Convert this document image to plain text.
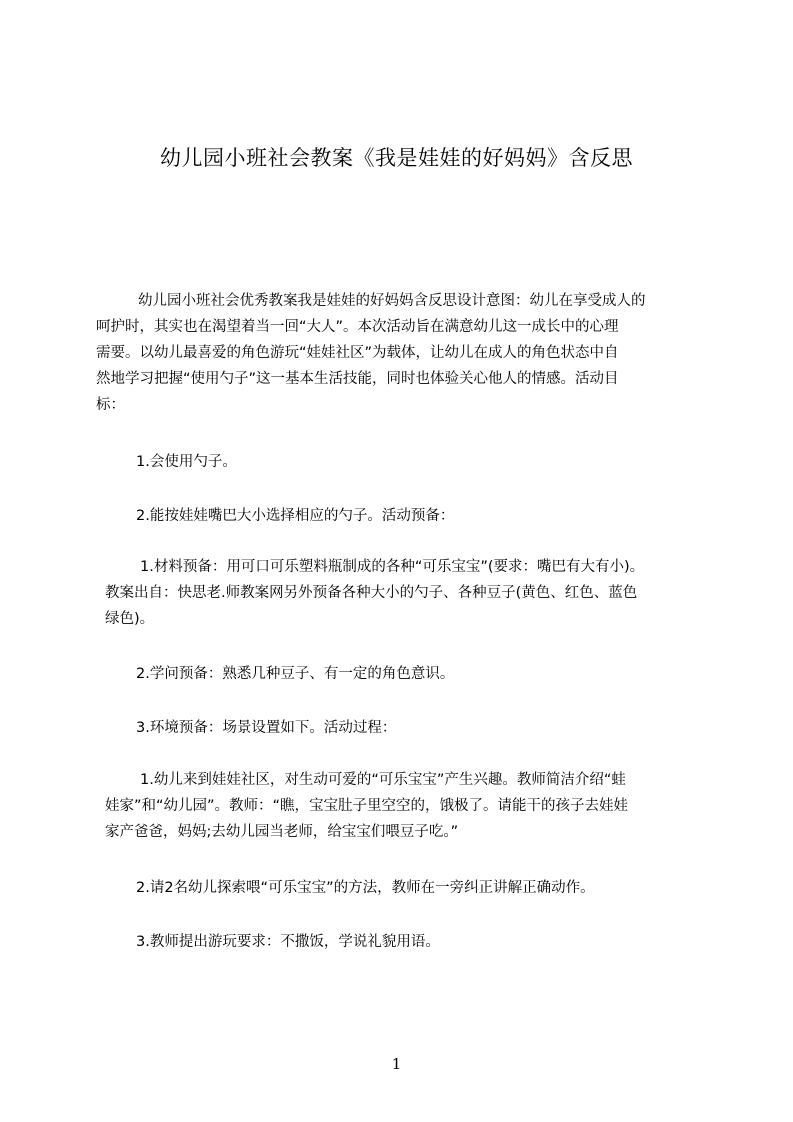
幼儿园小班社会教案《我是娃娃的好妈妈》含反思
幼儿园小班社会优秀教案我是娃娃的好妈妈含反思设计意图：幼儿在享受成人的
呵护时，其实也在渴望着当一回“大人”。本次活动旨在满意幼儿这一成长中的心理
需要。以幼儿最喜爱的角色游玩“娃娃社区”为载体，让幼儿在成人的角色状态中自
然地学习把握“使用勺子”这一基本生活技能，同时也体验关心他人的情感。活动目
标：
1.会使用勺子。
2.能按娃娃嘴巴大小选择相应的勺子。活动预备：
1.材料预备：用可口可乐塑料瓶制成的各种“可乐宝宝”(要求：嘴巴有大有小)。
教案出自：快思老.师教案网另外预备各种大小的勺子、各种豆子(黄色、红色、蓝色
绿色)。
2.学问预备：熟悉几种豆子、有一定的角色意识。
3.环境预备：场景设置如下。活动过程：
1.幼儿来到娃娃社区，对生动可爱的“可乐宝宝”产生兴趣。教师简洁介绍“蛙
娃家”和“幼儿园”。教师：“瞧，宝宝肚子里空空的，饿极了。请能干的孩子去娃娃
家产爸爸，妈妈;去幼儿园当老师，给宝宝们喂豆子吃。”
2.请2名幼儿探索喂“可乐宝宝”的方法，教师在一旁纠正讲解正确动作。
3.教师提出游玩要求：不撒饭，学说礼貌用语。
1
